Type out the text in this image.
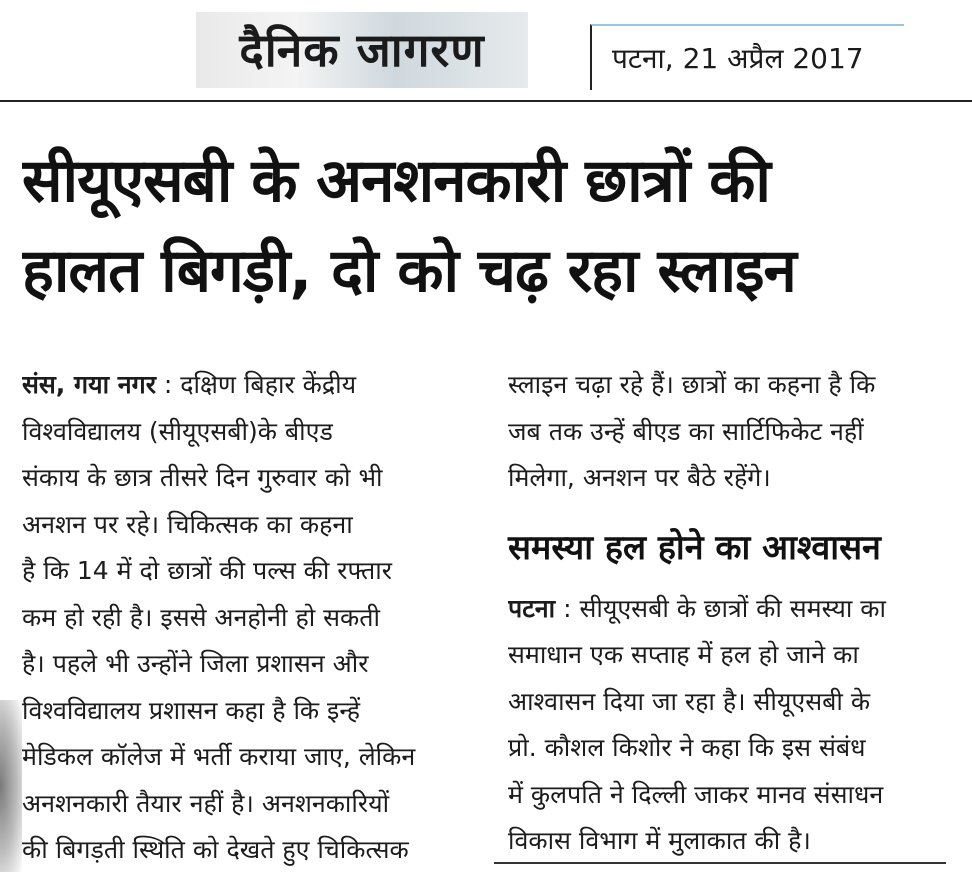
दैनिक जागरण	पटना, 21 अप्रैल 2017
सीयूएसबी के अनशनकारी छात्रों की
हालत बिगड़ी, दो को चढ़ रहा स्लाइन
संस, गया नगर : दक्षिण बिहार केंद्रीय
विश्वविद्यालय (सीयूएसबी)के बीएड
संकाय के छात्र तीसरे दिन गुरुवार को भी
अनशन पर रहे। चिकित्सक का कहना
है कि 14 में दो छात्रों की पल्स की रफ्तार
कम हो रही है। इससे अनहोनी हो सकती
है। पहले भी उन्होंने जिला प्रशासन और
विश्वविद्यालय प्रशासन कहा है कि इन्हें
मेडिकल कॉलेज में भर्ती कराया जाए, लेकिन
अनशनकारी तैयार नहीं है। अनशनकारियों
की बिगड़ती स्थिति को देखते हुए चिकित्सक
स्लाइन चढ़ा रहे हैं। छात्रों का कहना है कि
जब तक उन्हें बीएड का सार्टिफिकेट नहीं
मिलेगा, अनशन पर बैठे रहेंगे।
समस्या हल होने का आश्वासन
पटना : सीयूएसबी के छात्रों की समस्या का
समाधान एक सप्ताह में हल हो जाने का
आश्वासन दिया जा रहा है। सीयूएसबी के
प्रो. कौशल किशोर ने कहा कि इस संबंध
में कुलपति ने दिल्ली जाकर मानव संसाधन
विकास विभाग में मुलाकात की है।
